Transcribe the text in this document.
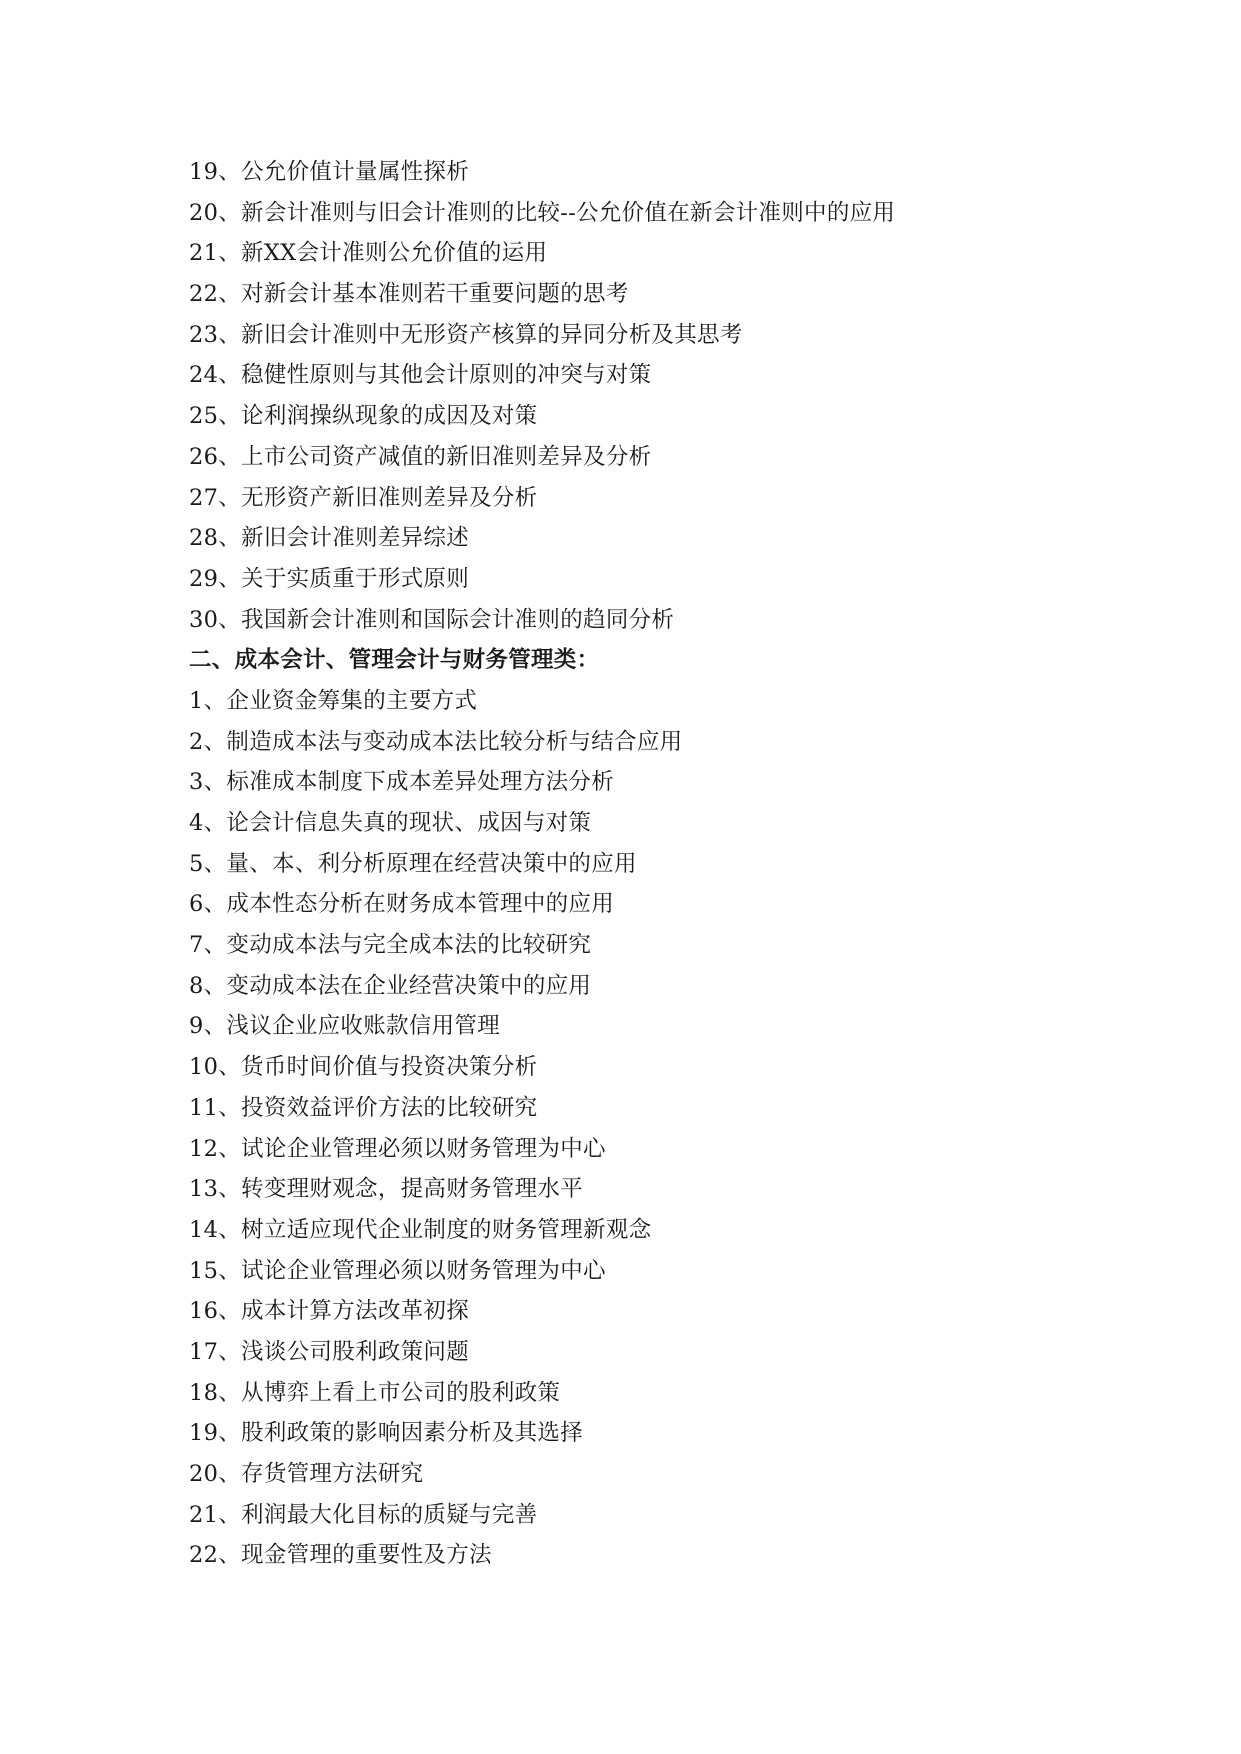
19、公允价值计量属性探析
20、新会计准则与旧会计准则的比较--公允价值在新会计准则中的应用
21、新XX会计准则公允价值的运用
22、对新会计基本准则若干重要问题的思考
23、新旧会计准则中无形资产核算的异同分析及其思考
24、稳健性原则与其他会计原则的冲突与对策
25、论利润操纵现象的成因及对策
26、上市公司资产减值的新旧准则差异及分析
27、无形资产新旧准则差异及分析
28、新旧会计准则差异综述
29、关于实质重于形式原则
30、我国新会计准则和国际会计准则的趋同分析
二、成本会计、管理会计与财务管理类：
1、企业资金筹集的主要方式
2、制造成本法与变动成本法比较分析与结合应用
3、标准成本制度下成本差异处理方法分析
4、论会计信息失真的现状、成因与对策
5、量、本、利分析原理在经营决策中的应用
6、成本性态分析在财务成本管理中的应用
7、变动成本法与完全成本法的比较研究
8、变动成本法在企业经营决策中的应用
9、浅议企业应收账款信用管理
10、货币时间价值与投资决策分析
11、投资效益评价方法的比较研究
12、试论企业管理必须以财务管理为中心
13、转变理财观念，提高财务管理水平
14、树立适应现代企业制度的财务管理新观念
15、试论企业管理必须以财务管理为中心
16、成本计算方法改革初探
17、浅谈公司股利政策问题
18、从博弈上看上市公司的股利政策
19、股利政策的影响因素分析及其选择
20、存货管理方法研究
21、利润最大化目标的质疑与完善
22、现金管理的重要性及方法
